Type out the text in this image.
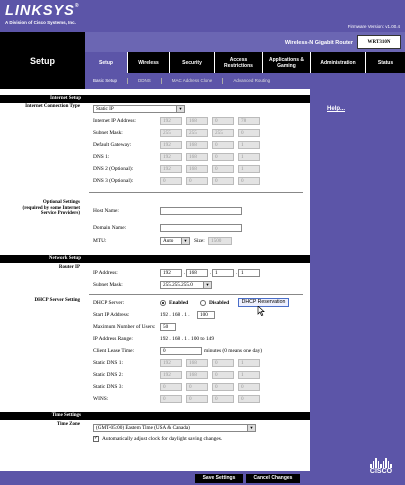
LINKSYS®
A Division of Cisco Systems, Inc.
Firmware Version: v1.00.4
Setup
Wireless-N Gigabit Router	WRT310N
Setup	Wireless	Security	Access
Restrictions
Applications &
Gaming	Administration	Status
Basic Setup	DDNS	MAC Address Clone	Advanced Routing
Internet Setup
Internet Connection Type
Optional Settings
(required by some Internet
Service Providers)
Network Setup
Router IP
DHCP Server Setting
Time Settings
Time Zone
Static IP ▼
Internet IP Address:	192	168	0	78
Subnet Mask:	255	255	255	0
Default Gateway:	192	168	0	1
DNS 1:	192	168	0	1
DNS 2 (Optional):	192	168	0	1
DNS 3 (Optional):	0	0	0	0
Host Name:
Domain Name:
MTU:	Auto ▼	Size:	1500
IP Address:	192	. 168	. 1	. 1
Subnet Mask:	255.255.255.0 ▼
DHCP Server:	Enabled	Disabled	DHCP Reservation
Start IP Address:	192 . 168 . 1 .	100
Maximum Number of Users:	50
IP Address Range:	192 . 168 . 1 . 100 to 149
Client Lease Time:	0	minutes (0 means one day)
Static DNS 1:	192	168	0	1
Static DNS 2:	192	168	0	1
Static DNS 3:	0	0	0	0
WINS:	0	0	0	0
(GMT-05:00) Eastern Time (USA & Canada) ▼
✓ Automatically adjust clock for daylight saving changes.
Help...
Save Settings	Cancel Changes
CISCO
